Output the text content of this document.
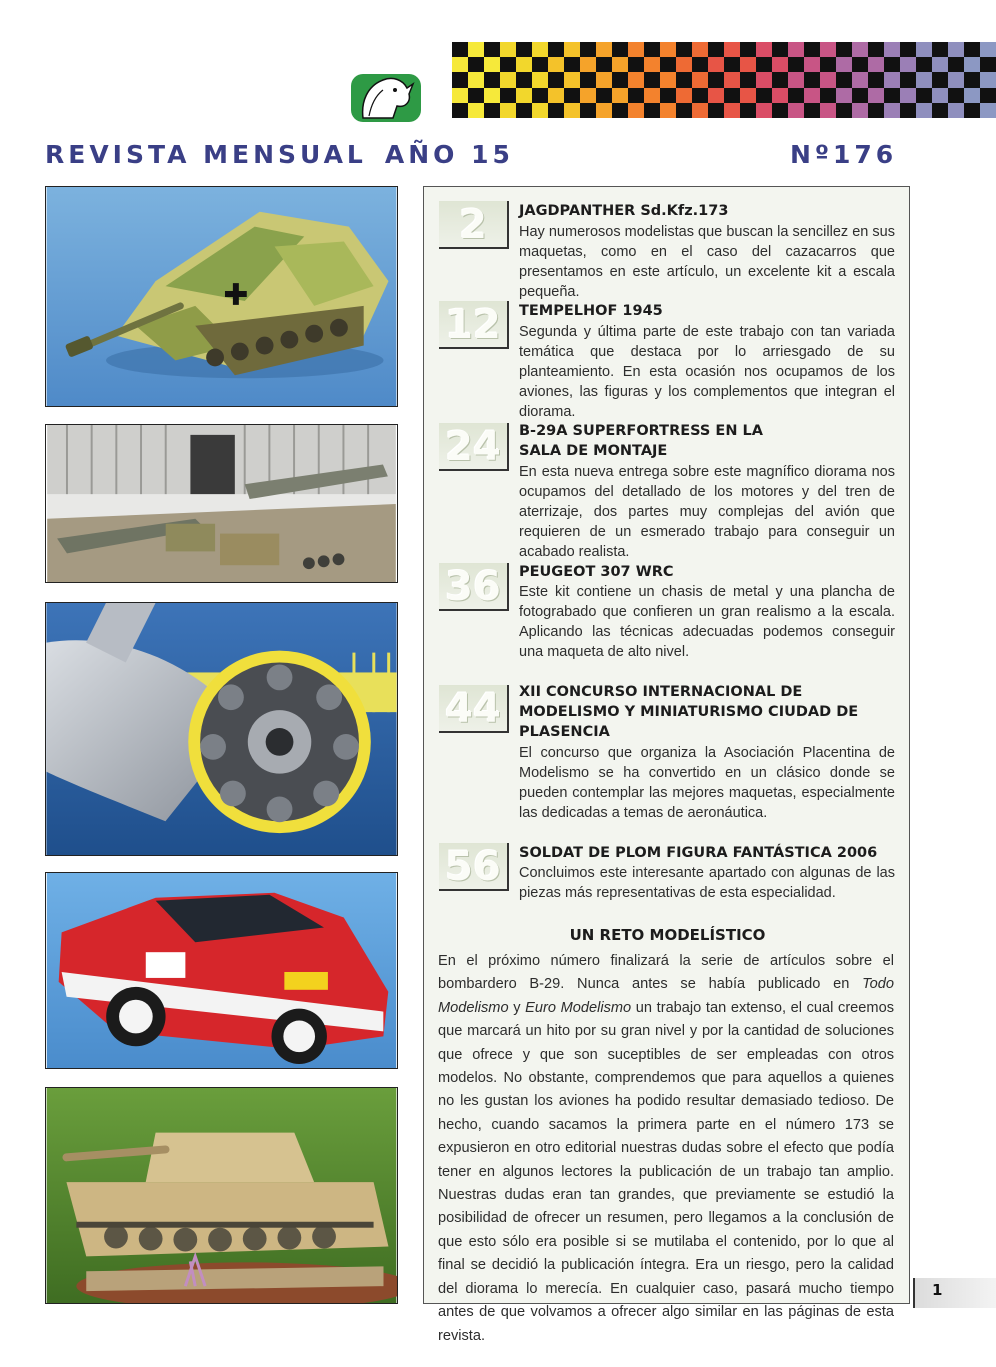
REVISTA MENSUAL AÑO 15	Nº176
2	JAGDPANTHER Sd.Kfz.173
Hay numerosos modelistas que buscan la sencillez en sus maquetas, como en el caso del cazacarros que presentamos en este artículo, un excelente kit a escala pequeña.
12	TEMPELHOF 1945
Segunda y última parte de este trabajo con tan variada temática que destaca por lo arriesgado de su planteamiento. En esta ocasión nos ocupamos de los aviones, las figuras y los complementos que integran el diorama.
24	B-29A SUPERFORTRESS EN LA SALA DE MONTAJE
En esta nueva entrega sobre este magnífico diorama nos ocupamos del detallado de los motores y del tren de aterrizaje, dos partes muy complejas del avión que requieren de un esmerado trabajo para conseguir un acabado realista.
36	PEUGEOT 307 WRC
Este kit contiene un chasis de metal y una plancha de fotograbado que confieren un gran realismo a la escala. Aplicando las técnicas adecuadas podemos conseguir una maqueta de alto nivel.
44	XII CONCURSO INTERNACIONAL DE MODELISMO Y MINIATURISMO CIUDAD DE PLASENCIA
El concurso que organiza la Asociación Placentina de Modelismo se ha convertido en un clásico donde se pueden contemplar las mejores maquetas, especialmente las dedicadas a temas de aeronáutica.
56	SOLDAT DE PLOM FIGURA FANTÁSTICA 2006
Concluimos este interesante apartado con algunas de las piezas más representativas de esta especialidad.
UN RETO MODELÍSTICO
En el próximo número finalizará la serie de artículos sobre el bombardero B-29. Nunca antes se había publicado en Todo Modelismo y Euro Modelismo un trabajo tan extenso, el cual creemos que marcará un hito por su gran nivel y por la cantidad de soluciones que ofrece y que son suceptibles de ser empleadas con otros modelos. No obstante, comprendemos que para aquellos a quienes no les gustan los aviones ha podido resultar demasiado tedioso. De hecho, cuando sacamos la primera parte en el número 173 se expusieron en otro editorial nuestras dudas sobre el efecto que podía tener en algunos lectores la publicación de un trabajo tan amplio. Nuestras dudas eran tan grandes, que previamente se estudió la posibilidad de ofrecer un resumen, pero llegamos a la conclusión de que esto sólo era posible si se mutilaba el contenido, por lo que al final se decidió la publicación íntegra. Era un riesgo, pero la calidad del diorama lo merecía. En cualquier caso, pasará mucho tiempo antes de que volvamos a ofrecer algo similar en las páginas de esta revista.
1
